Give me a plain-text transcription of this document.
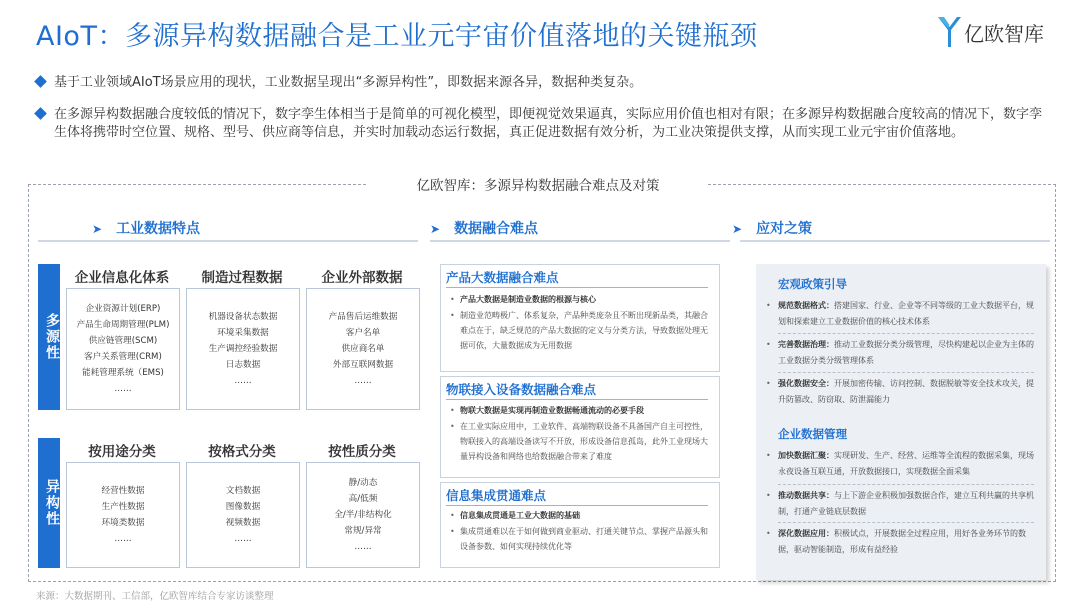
AIoT：多源异构数据融合是工业元宇宙价值落地的关键瓶颈	亿欧智库
基于工业领域AIoT场景应用的现状，工业数据呈现出“多源异构性”，即数据来源各异，数据种类复杂。
在多源异构数据融合度较低的情况下，数字孪生体相当于是简单的可视化模型，即便视觉效果逼真，实际应用价值也相对有限；在多源异构数据融合度较高的情况下，数字孪生体将携带时空位置、规格、型号、供应商等信息，并实时加载动态运行数据，真正促进数据有效分析，为工业决策提供支撑，从而实现工业元宇宙价值落地。
亿欧智库：多源异构数据融合难点及对策
➤ 工业数据特点	➤ 数据融合难点	➤ 应对之策
多源性
企业信息化体系	制造过程数据	企业外部数据
企业资源计划(ERP)
产品生命周期管理(PLM)
供应链管理(SCM)
客户关系管理(CRM)
能耗管理系统（EMS)
……
机器设备状态数据
环境采集数据
生产调控经验数据
日志数据
……
产品售后运维数据
客户名单
供应商名单
外部互联网数据
……
异构性
按用途分类	按格式分类	按性质分类
经营性数据
生产性数据
环境类数据
……
文档数据
图像数据
视频数据
……
静/动态
高/低频
全/半/非结构化
常规/异常
……
产品大数据融合难点
• 产品大数据是制造业数据的根源与核心
• 制造业范畴极广、体系复杂，产品种类庞杂且不断出现新品类，其融合难点在于，缺乏规范的产品大数据的定义与分类方法，导致数据处理无据可依，大量数据成为无用数据
物联接入设备数据融合难点
• 物联大数据是实现再制造业数据畅通流动的必要手段
• 在工业实际应用中，工业软件、高端物联设备不具备国产自主可控性，物联接入的高端设备读写不开放，形成设备信息孤岛，此外工业现场大量异构设备和网络也给数据融合带来了难度
信息集成贯通难点
• 信息集成贯通是工业大数据的基础
• 集成贯通难以在于如何做到商业驱动、打通关键节点、掌握产品源头和设备参数、如何实现持续优化等
宏观政策引导
• 规范数据格式：搭建国家、行业、企业等不同等级的工业大数据平台，规划和探索建立工业数据价值的核心技术体系
• 完善数据治理：推动工业数据分类分级管理，尽快构建起以企业为主体的工业数据分类分级管理体系
• 强化数据安全：开展加密传输、访问控制、数据脱敏等安全技术攻关，提升防篡改、防窃取、防泄漏能力
企业数据管理
• 加快数据汇聚：实现研发、生产、经营、运维等全流程的数据采集，现场永夜设备互联互通，开放数据接口，实现数据全面采集
• 推动数据共享：与上下游企业积极加强数据合作，建立互利共赢的共享机制，打通产业链底层数据
• 深化数据应用：积极试点，开展数据全过程应用，用好各业务环节的数据，驱动智能制造，形成有益经验
来源：大数据期刊、工信部，亿欧智库结合专家访谈整理
